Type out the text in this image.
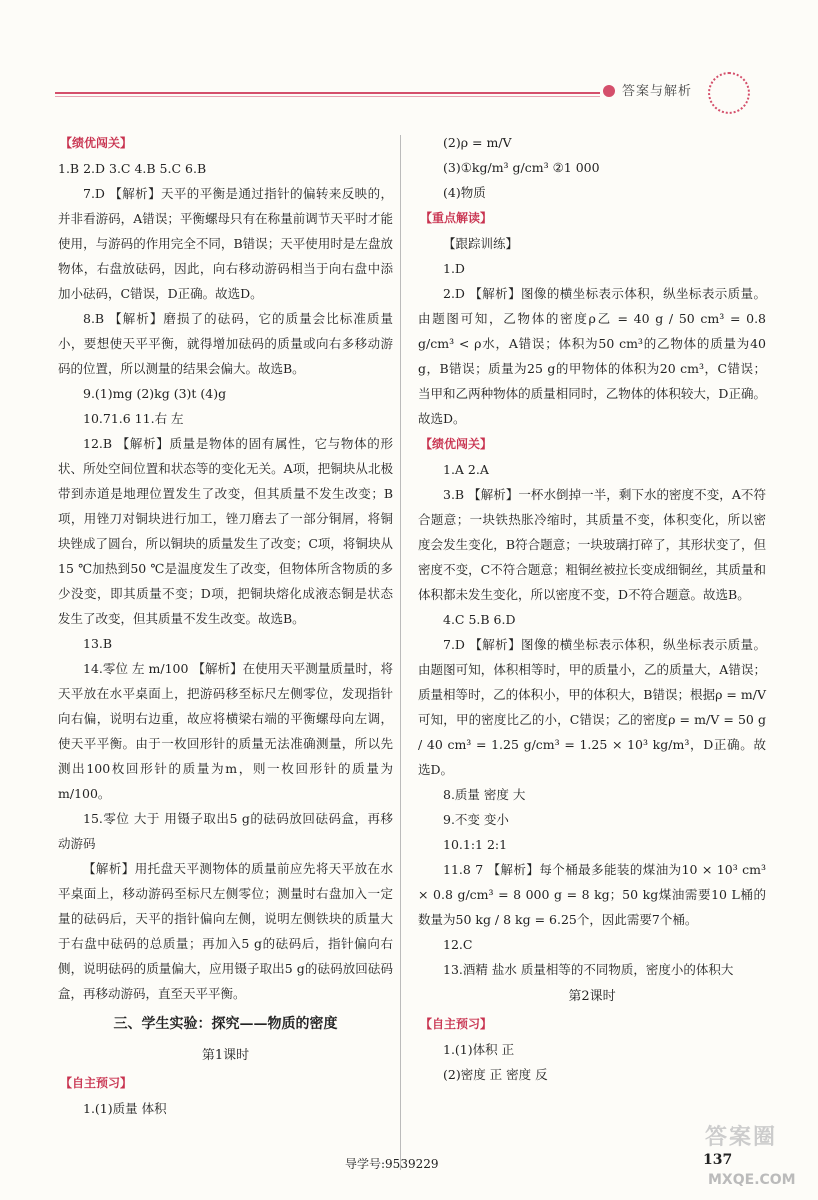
答案与解析

【绩优闯关】

1.B 2.D 3.C 4.B 5.C 6.B

7.D 【解析】天平的平衡是通过指针的偏转来反映的，并非看游码，A错误；平衡螺母只有在称量前调节天平时才能使用，与游码的作用完全不同，B错误；天平使用时是左盘放物体，右盘放砝码，因此，向右移动游码相当于向右盘中添加小砝码，C错误，D正确。故选D。

8.B 【解析】磨损了的砝码，它的质量会比标准质量小，要想使天平平衡，就得增加砝码的质量或向右多移动游码的位置，所以测量的结果会偏大。故选B。

9.(1)mg (2)kg (3)t (4)g

10.71.6 11.右 左

12.B 【解析】质量是物体的固有属性，它与物体的形状、所处空间位置和状态等的变化无关。A项，把铜块从北极带到赤道是地理位置发生了改变，但其质量不发生改变；B项，用锉刀对铜块进行加工，锉刀磨去了一部分铜屑，将铜块锉成了圆台，所以铜块的质量发生了改变；C项，将铜块从15 ℃加热到50 ℃是温度发生了改变，但物体所含物质的多少没变，即其质量不变；D项，把铜块熔化成液态铜是状态发生了改变，但其质量不发生改变。故选B。

13.B

14.零位 左 m/100 【解析】在使用天平测量质量时，将天平放在水平桌面上，把游码移至标尺左侧零位，发现指针向右偏，说明右边重，故应将横梁右端的平衡螺母向左调，使天平平衡。由于一枚回形针的质量无法准确测量，所以先测出100枚回形针的质量为m，则一枚回形针的质量为m/100。

15.零位 大于 用镊子取出5 g的砝码放回砝码盒，再移动游码

【解析】用托盘天平测物体的质量前应先将天平放在水平桌面上，移动游码至标尺左侧零位；测量时右盘加入一定量的砝码后，天平的指针偏向左侧，说明左侧铁块的质量大于右盘中砝码的总质量；再加入5 g的砝码后，指针偏向右侧，说明砝码的质量偏大，应用镊子取出5 g的砝码放回砝码盒，再移动游码，直至天平平衡。

三、学生实验：探究——物质的密度
第1课时

【自主预习】

1.(1)质量 体积

(2)ρ = m/V

(3)①kg/m³ g/cm³ ②1 000

(4)物质

【重点解读】

【跟踪训练】

1.D

2.D 【解析】图像的横坐标表示体积，纵坐标表示质量。由题图可知，乙物体的密度ρ乙 = 40 g / 50 cm³ = 0.8 g/cm³ < ρ水，A错误；体积为50 cm³的乙物体的质量为40 g，B错误；质量为25 g的甲物体的体积为20 cm³，C错误；当甲和乙两种物体的质量相同时，乙物体的体积较大，D正确。故选D。

【绩优闯关】

1.A 2.A

3.B 【解析】一杯水倒掉一半，剩下水的密度不变，A不符合题意；一块铁热胀冷缩时，其质量不变，体积变化，所以密度会发生变化，B符合题意；一块玻璃打碎了，其形状变了，但密度不变，C不符合题意；粗铜丝被拉长变成细铜丝，其质量和体积都未发生变化，所以密度不变，D不符合题意。故选B。

4.C 5.B 6.D

7.D 【解析】图像的横坐标表示体积，纵坐标表示质量。由题图可知，体积相等时，甲的质量小，乙的质量大，A错误；质量相等时，乙的体积小，甲的体积大，B错误；根据ρ = m/V可知，甲的密度比乙的小，C错误；乙的密度ρ = m/V = 50 g / 40 cm³ = 1.25 g/cm³ = 1.25 × 10³ kg/m³，D正确。故选D。

8.质量 密度 大

9.不变 变小

10.1:1 2:1

11.8 7 【解析】每个桶最多能装的煤油为10 × 10³ cm³ × 0.8 g/cm³ = 8 000 g = 8 kg；50 kg煤油需要10 L桶的数量为50 kg / 8 kg = 6.25个，因此需要7个桶。

12.C

13.酒精 盐水 质量相等的不同物质，密度小的体积大

第2课时

【自主预习】

1.(1)体积 正

(2)密度 正 密度 反

导学号:9539229	137
答案圈
MXQE.COM
